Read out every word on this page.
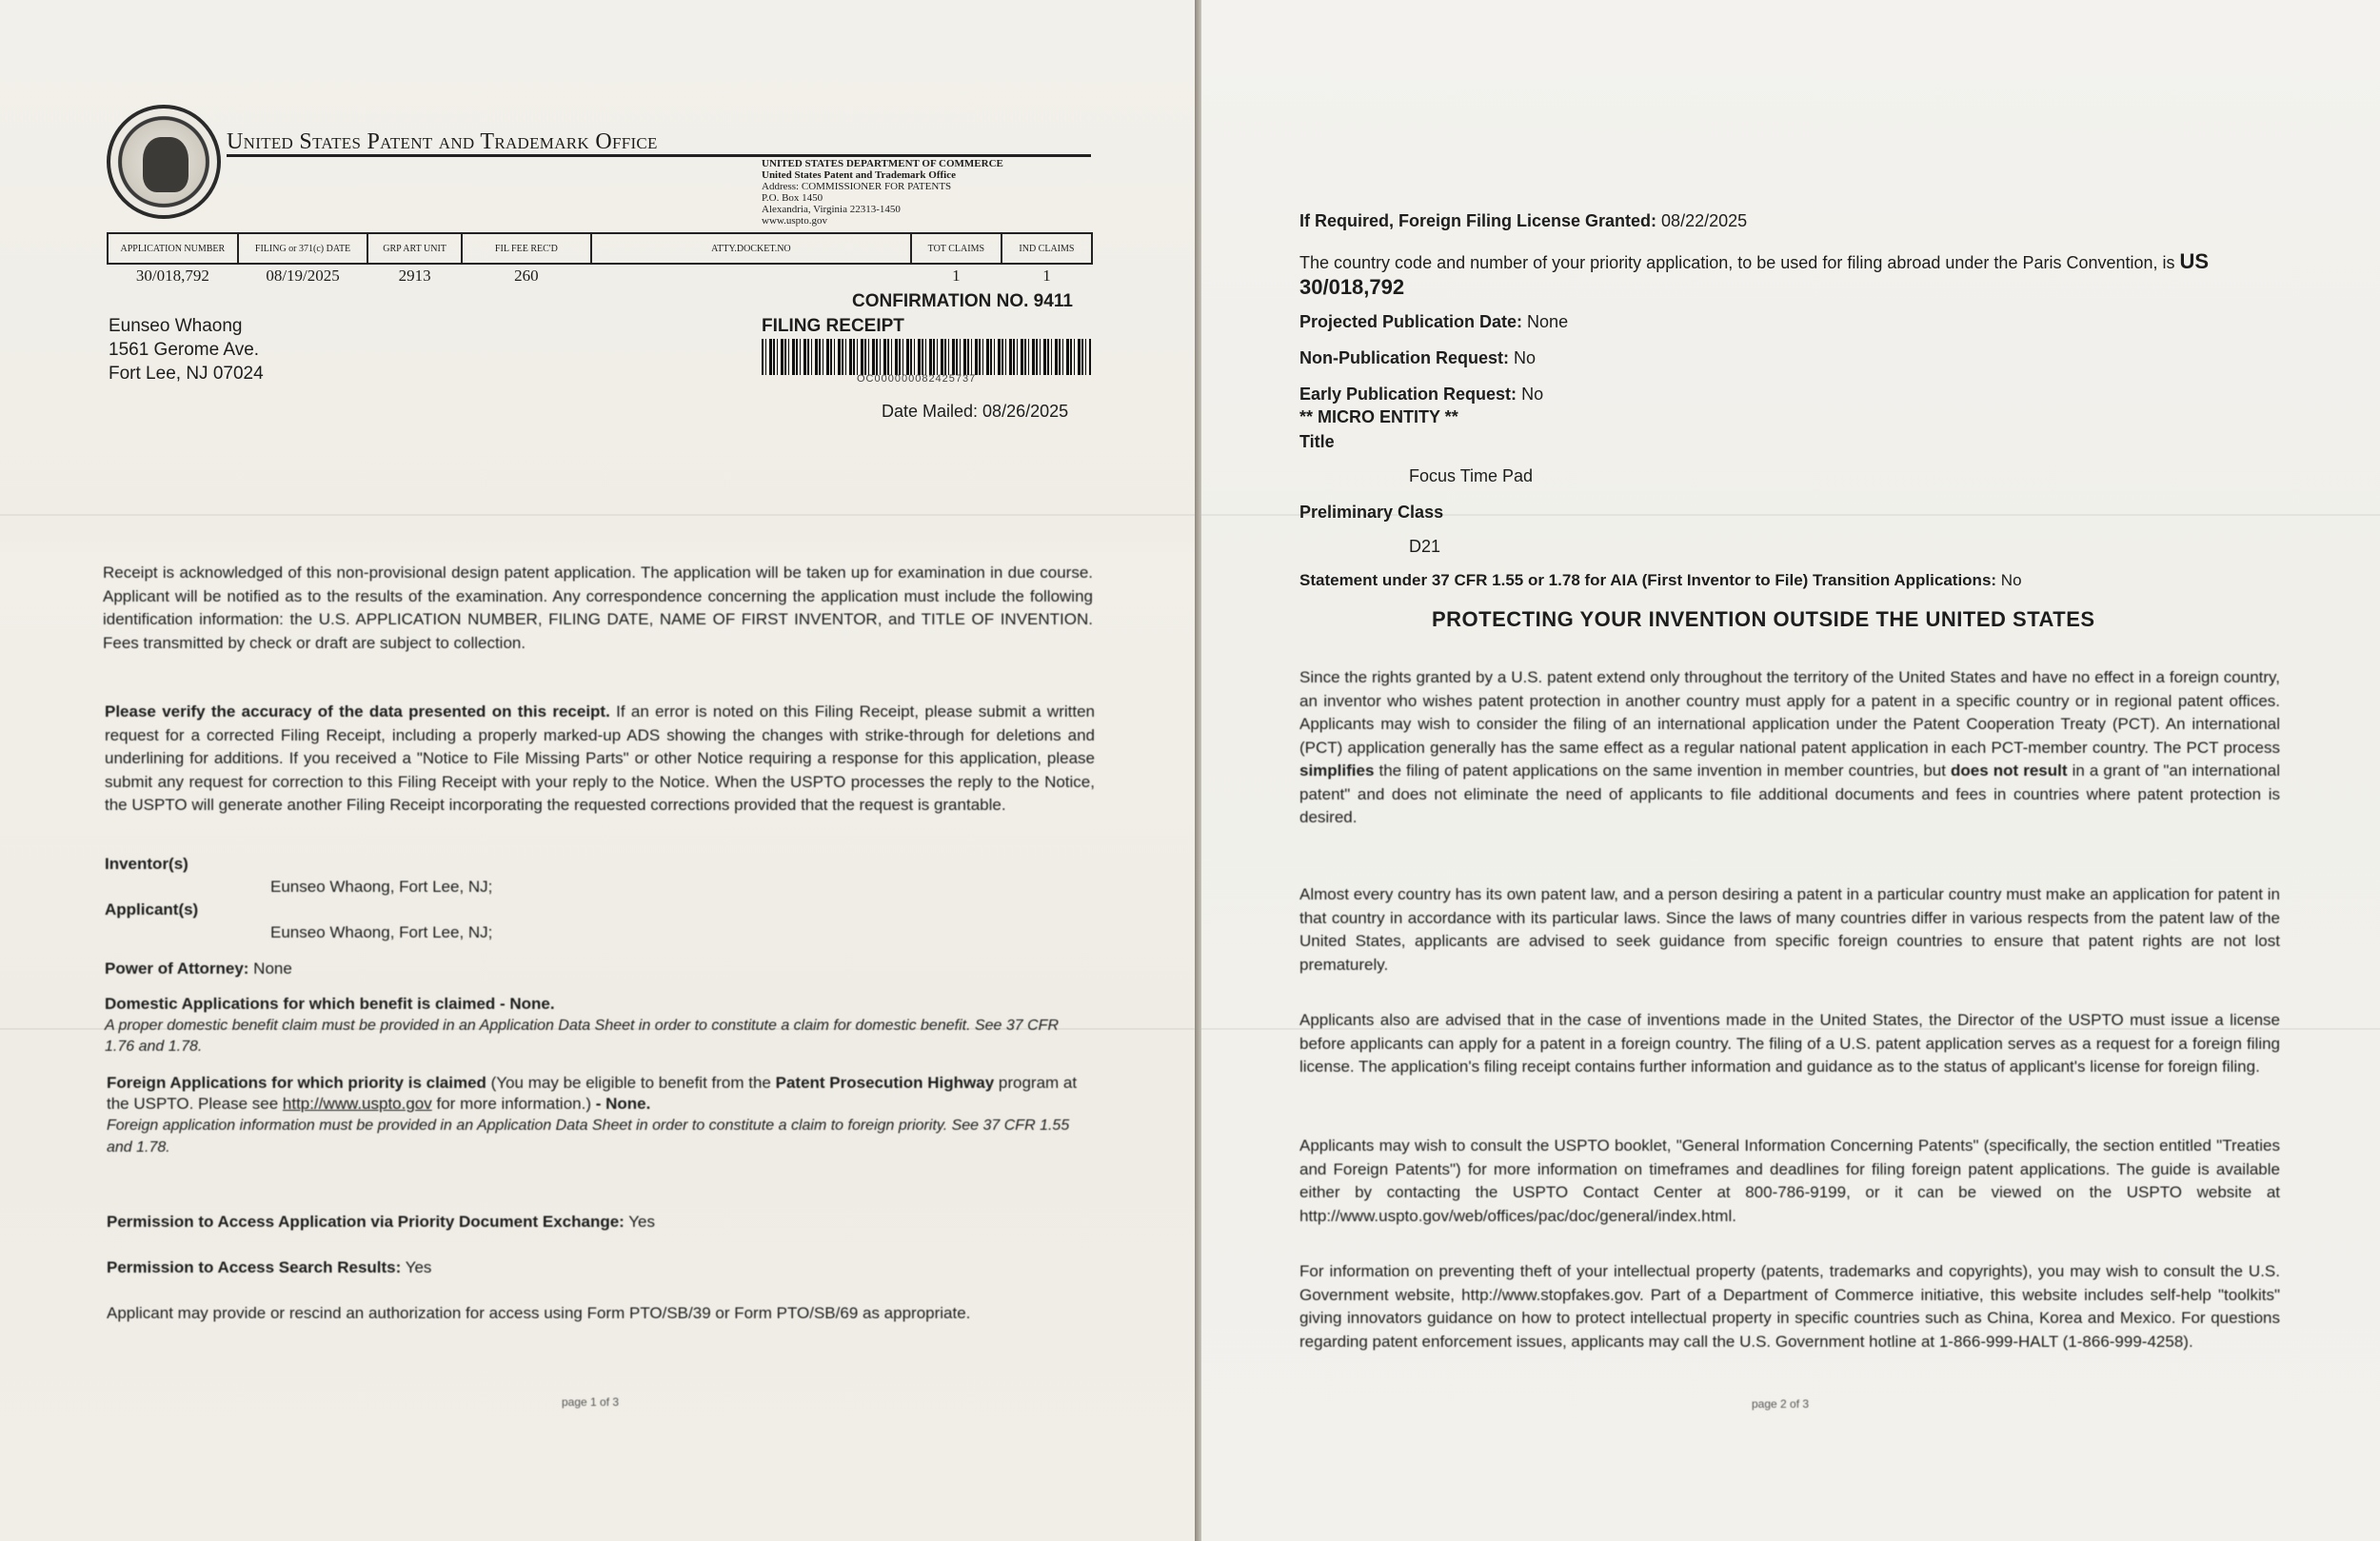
United States Patent and Trademark Office
UNITED STATES DEPARTMENT OF COMMERCE
United States Patent and Trademark Office
Address: COMMISSIONER FOR PATENTS
P.O. Box 1450
Alexandria, Virginia 22313-1450
www.uspto.gov
APPLICATION NUMBER	FILING or 371(c) DATE	GRP ART UNIT	FIL FEE REC'D	ATTY.DOCKET.NO	TOT CLAIMS	IND CLAIMS
30/018,792	08/19/2025	2913	260		1	1
CONFIRMATION NO. 9411
FILING RECEIPT
OC000000082425737
Eunseo Whaong
1561 Gerome Ave.
Fort Lee, NJ 07024
Date Mailed: 08/26/2025
Receipt is acknowledged of this non-provisional design patent application. The application will be taken up for examination in due course. Applicant will be notified as to the results of the examination. Any correspondence concerning the application must include the following identification information: the U.S. APPLICATION NUMBER, FILING DATE, NAME OF FIRST INVENTOR, and TITLE OF INVENTION. Fees transmitted by check or draft are subject to collection.
Please verify the accuracy of the data presented on this receipt. If an error is noted on this Filing Receipt, please submit a written request for a corrected Filing Receipt, including a properly marked-up ADS showing the changes with strike-through for deletions and underlining for additions. If you received a "Notice to File Missing Parts" or other Notice requiring a response for this application, please submit any request for correction to this Filing Receipt with your reply to the Notice. When the USPTO processes the reply to the Notice, the USPTO will generate another Filing Receipt incorporating the requested corrections provided that the request is grantable.
Inventor(s)
Eunseo Whaong, Fort Lee, NJ;
Applicant(s)
Eunseo Whaong, Fort Lee, NJ;
Power of Attorney: None
Domestic Applications for which benefit is claimed - None.
A proper domestic benefit claim must be provided in an Application Data Sheet in order to constitute a claim for domestic benefit. See 37 CFR 1.76 and 1.78.
Foreign Applications for which priority is claimed (You may be eligible to benefit from the Patent Prosecution Highway program at the USPTO. Please see http://www.uspto.gov for more information.) - None.
Foreign application information must be provided in an Application Data Sheet in order to constitute a claim to foreign priority. See 37 CFR 1.55 and 1.78.
Permission to Access Application via Priority Document Exchange: Yes
Permission to Access Search Results: Yes
Applicant may provide or rescind an authorization for access using Form PTO/SB/39 or Form PTO/SB/69 as appropriate.
page 1 of 3
If Required, Foreign Filing License Granted: 08/22/2025
The country code and number of your priority application, to be used for filing abroad under the Paris Convention, is US 30/018,792
Projected Publication Date: None
Non-Publication Request: No
Early Publication Request: No
** MICRO ENTITY **
Title
Focus Time Pad
Preliminary Class
D21
Statement under 37 CFR 1.55 or 1.78 for AIA (First Inventor to File) Transition Applications: No
PROTECTING YOUR INVENTION OUTSIDE THE UNITED STATES
Since the rights granted by a U.S. patent extend only throughout the territory of the United States and have no effect in a foreign country, an inventor who wishes patent protection in another country must apply for a patent in a specific country or in regional patent offices. Applicants may wish to consider the filing of an international application under the Patent Cooperation Treaty (PCT). An international (PCT) application generally has the same effect as a regular national patent application in each PCT-member country. The PCT process simplifies the filing of patent applications on the same invention in member countries, but does not result in a grant of "an international patent" and does not eliminate the need of applicants to file additional documents and fees in countries where patent protection is desired.
Almost every country has its own patent law, and a person desiring a patent in a particular country must make an application for patent in that country in accordance with its particular laws. Since the laws of many countries differ in various respects from the patent law of the United States, applicants are advised to seek guidance from specific foreign countries to ensure that patent rights are not lost prematurely.
Applicants also are advised that in the case of inventions made in the United States, the Director of the USPTO must issue a license before applicants can apply for a patent in a foreign country. The filing of a U.S. patent application serves as a request for a foreign filing license. The application's filing receipt contains further information and guidance as to the status of applicant's license for foreign filing.
Applicants may wish to consult the USPTO booklet, "General Information Concerning Patents" (specifically, the section entitled "Treaties and Foreign Patents") for more information on timeframes and deadlines for filing foreign patent applications. The guide is available either by contacting the USPTO Contact Center at 800-786-9199, or it can be viewed on the USPTO website at http://www.uspto.gov/web/offices/pac/doc/general/index.html.
For information on preventing theft of your intellectual property (patents, trademarks and copyrights), you may wish to consult the U.S. Government website, http://www.stopfakes.gov. Part of a Department of Commerce initiative, this website includes self-help "toolkits" giving innovators guidance on how to protect intellectual property in specific countries such as China, Korea and Mexico. For questions regarding patent enforcement issues, applicants may call the U.S. Government hotline at 1-866-999-HALT (1-866-999-4258).
page 2 of 3
